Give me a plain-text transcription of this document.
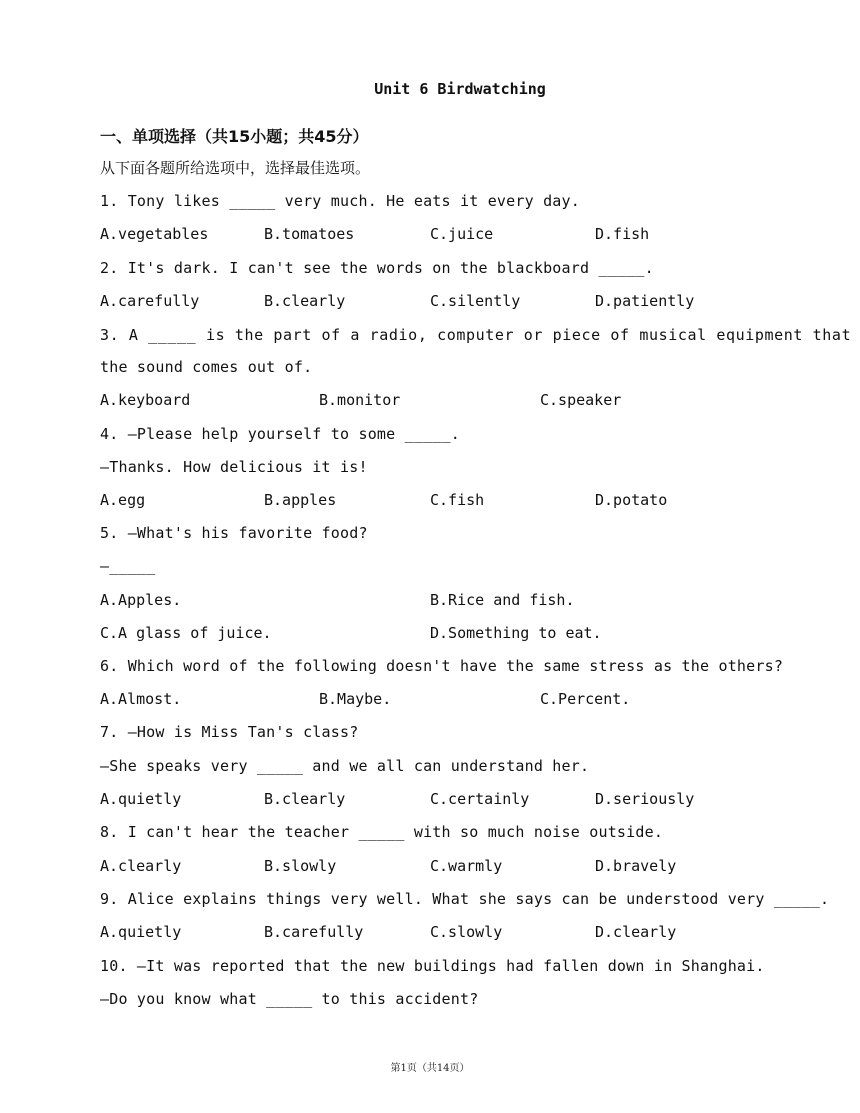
Unit 6 Birdwatching
一、单项选择（共15小题；共45分）
从下面各题所给选项中，选择最佳选项。
1. Tony likes _____ very much. He eats it every day.
A.vegetables	B.tomatoes	C.juice	D.fish
2. It's dark. I can't see the words on the blackboard _____.
A.carefully	B.clearly	C.silently	D.patiently
3. A _____ is the part of a radio, computer or piece of musical equipment that
the sound comes out of.
A.keyboard	B.monitor	C.speaker
4. —Please help yourself to some _____.
—Thanks. How delicious it is!
A.egg	B.apples	C.fish	D.potato
5. —What's his favorite food?
—_____
A.Apples.	B.Rice and fish.
C.A glass of juice.	D.Something to eat.
6. Which word of the following doesn't have the same stress as the others?
A.Almost.	B.Maybe.	C.Percent.
7. —How is Miss Tan's class?
—She speaks very _____ and we all can understand her.
A.quietly	B.clearly	C.certainly	D.seriously
8. I can't hear the teacher _____ with so much noise outside.
A.clearly	B.slowly	C.warmly	D.bravely
9. Alice explains things very well. What she says can be understood very _____.
A.quietly	B.carefully	C.slowly	D.clearly
10. —It was reported that the new buildings had fallen down in Shanghai.
—Do you know what _____ to this accident?
第1页（共14页）
